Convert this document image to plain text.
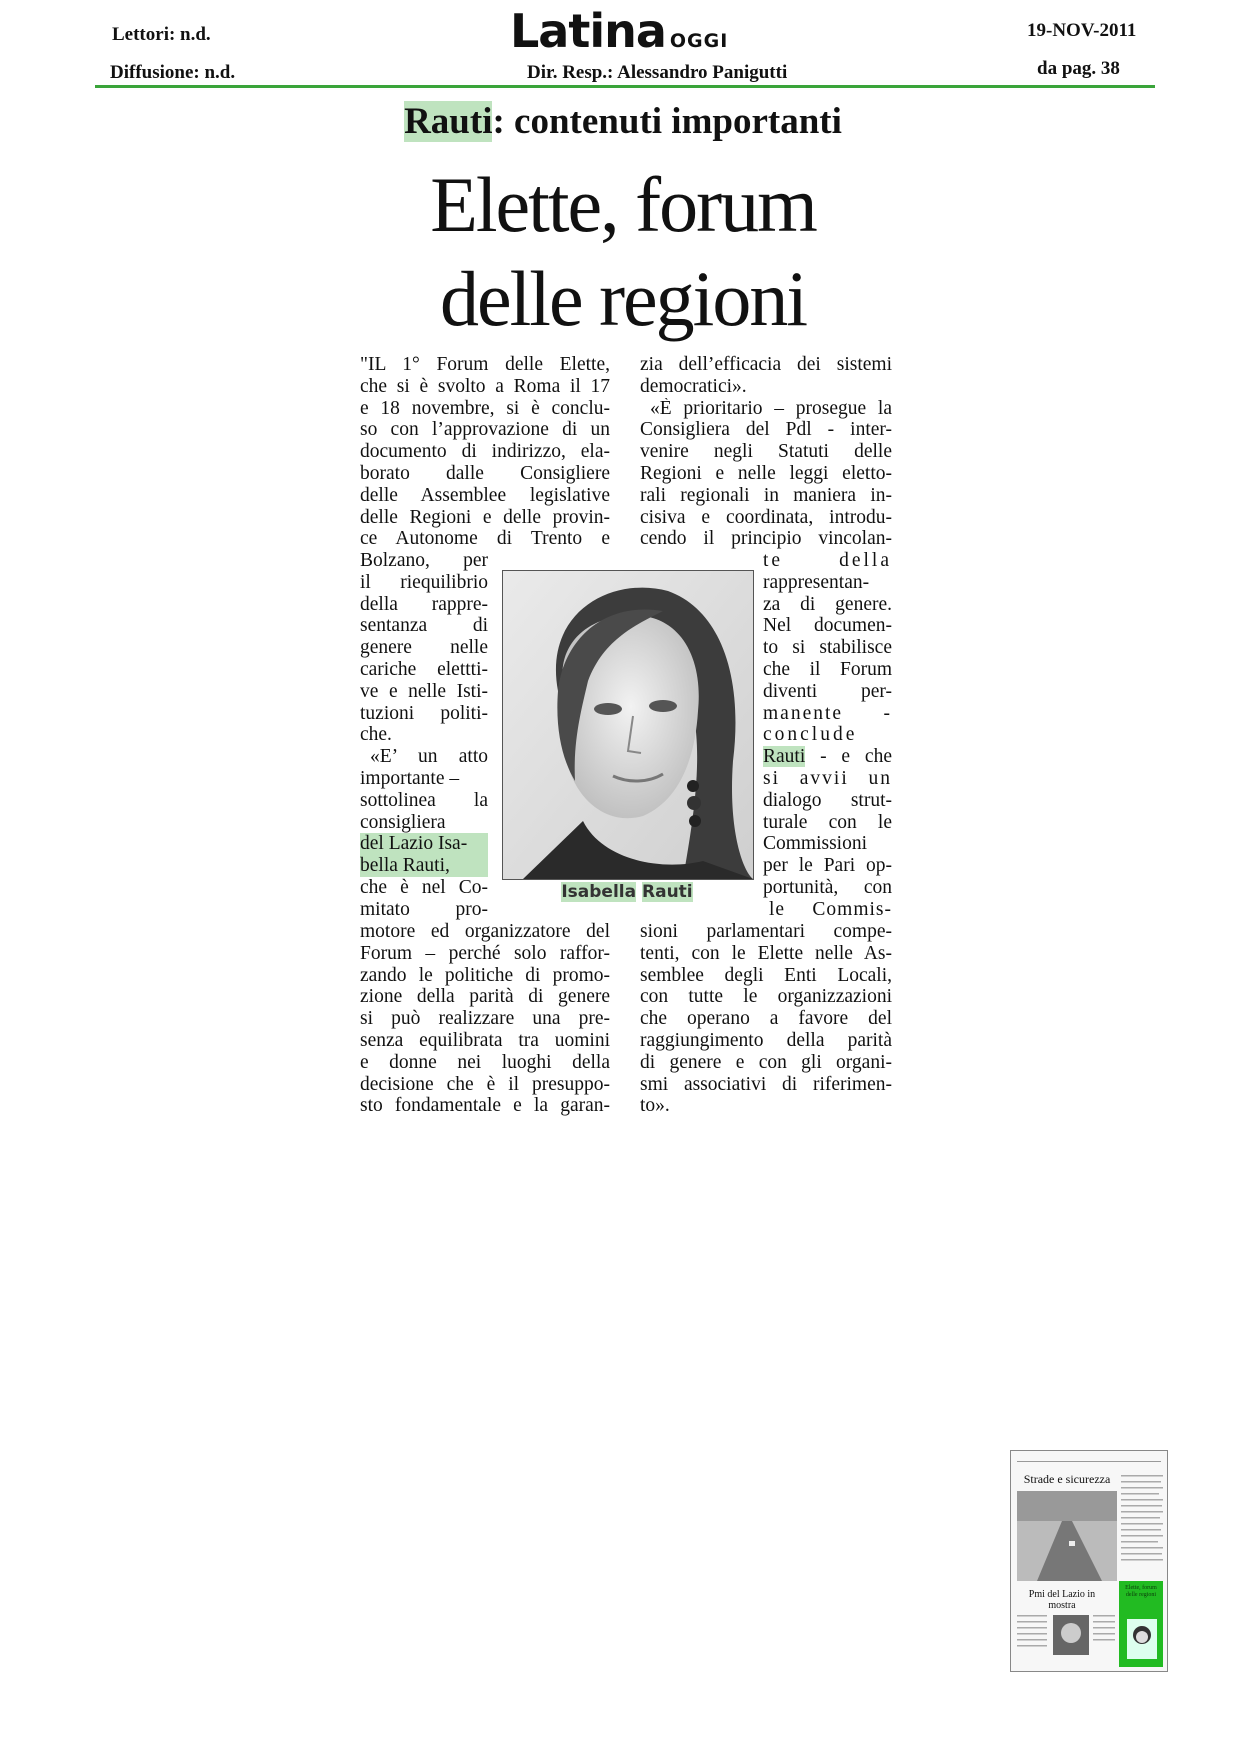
Lettori: n.d.
Diffusione: n.d.
Latina OGGI
Dir. Resp.: Alessandro Panigutti
19-NOV-2011
da pag. 38
Rauti: contenuti importanti
Elette, forum
delle regioni
"IL 1° Forum delle Elette,
che si è svolto a Roma il 17
e 18 novembre, si è conclu-
so con l’approvazione di un
documento di indirizzo, ela-
borato dalle Consigliere
delle Assemblee legislative
delle Regioni e delle provin-
ce Autonome di Trento e
Bolzano, per
il riequilibrio
della rappre-
sentanza di
genere nelle
cariche elettti-
ve e nelle Isti-
tuzioni politi-
che.
«E’ un atto
importante –
sottolinea la
consigliera
del Lazio Isa-
bella Rauti,
che è nel Co-
mitato pro-
motore ed organizzatore del
Forum – perché solo raffor-
zando le politiche di promo-
zione della parità di genere
si può realizzare una pre-
senza equilibrata tra uomini
e donne nei luoghi della
decisione che è il presuppo-
sto fondamentale e la garan-
zia dell’efficacia dei sistemi
democratici».
«È prioritario – prosegue la
Consigliera del Pdl - inter-
venire negli Statuti delle
Regioni e nelle leggi eletto-
rali regionali in maniera in-
cisiva e coordinata, introdu-
cendo il principio vincolan-
te della
rappresentan-
za di genere.
Nel documen-
to si stabilisce
che il Forum
diventi per-
manente -
conclude
Rauti - e che
si avvii un
dialogo strut-
turale con le
Commissioni
per le Pari op-
portunità, con
le Commis-
sioni parlamentari compe-
tenti, con le Elette nelle As-
semblee degli Enti Locali,
con tutte le organizzazioni
che operano a favore del
raggiungimento della parità
di genere e con gli organi-
smi associativi di riferimen-
to».
Isabella Rauti
Strade e sicurezza
Pmi del Lazio in mostra
Elette, forum delle regioni
